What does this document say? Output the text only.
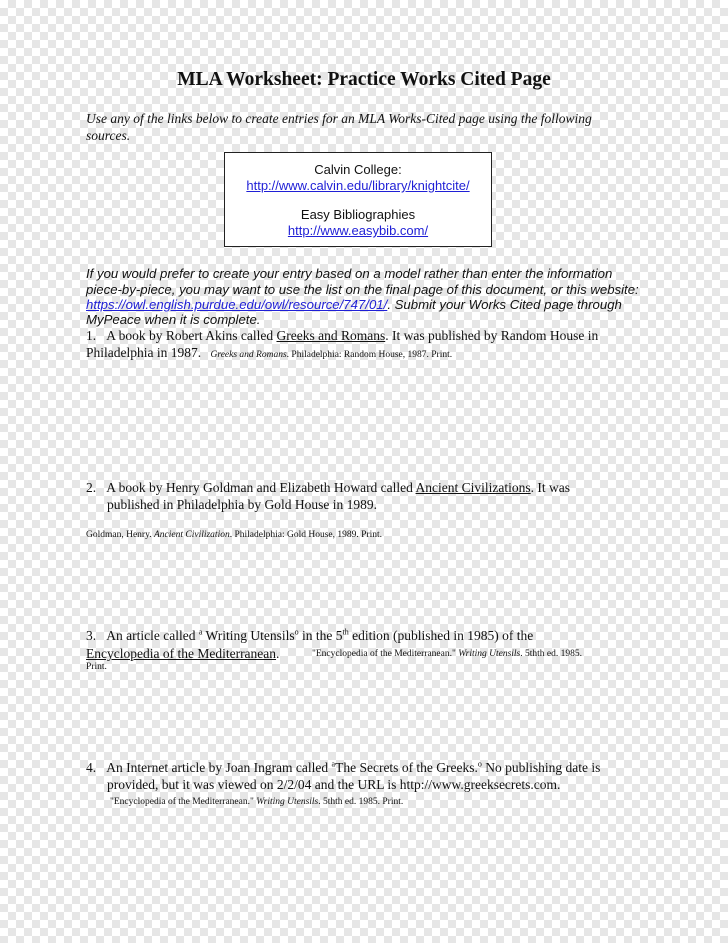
MLA Worksheet: Practice Works Cited Page
Use any of the links below to create entries for an MLA Works-Cited page using the following
sources.
Calvin College:
http://www.calvin.edu/library/knightcite/
Easy Bibliographies
http://www.easybib.com/
If you would prefer to create your entry based on a model rather than enter the information
piece-by-piece, you may want to use the list on the final page of this document, or this website:
https://owl.english.purdue.edu/owl/resource/747/01/. Submit your Works Cited page through
MyPeace when it is complete.
1. A book by Robert Akins called Greeks and Romans. It was published by Random House in
Philadelphia in 1987. Greeks and Romans. Philadelphia: Random House, 1987. Print.
2. A book by Henry Goldman and Elizabeth Howard called Ancient Civilizations. It was
published in Philadelphia by Gold House in 1989.
Goldman, Henry. Ancient Civilization. Philadelphia: Gold House, 1989. Print.
3. An article called $^a$ Writing Utensils$^o$ in the 5th edition (published in 1985) of the
Encyclopedia of the Mediterranean.	"Encyclopedia of the Mediterranean." Writing Utensils. 5thth ed. 1985.
Print.
4. An Internet article by Joan Ingram called $^a$The Secrets of the Greeks.$^o$ No publishing date is
provided, but it was viewed on 2/2/04 and the URL is http://www.greeksecrets.com.
"Encyclopedia of the Mediterranean." Writing Utensils. 5thth ed. 1985. Print.
